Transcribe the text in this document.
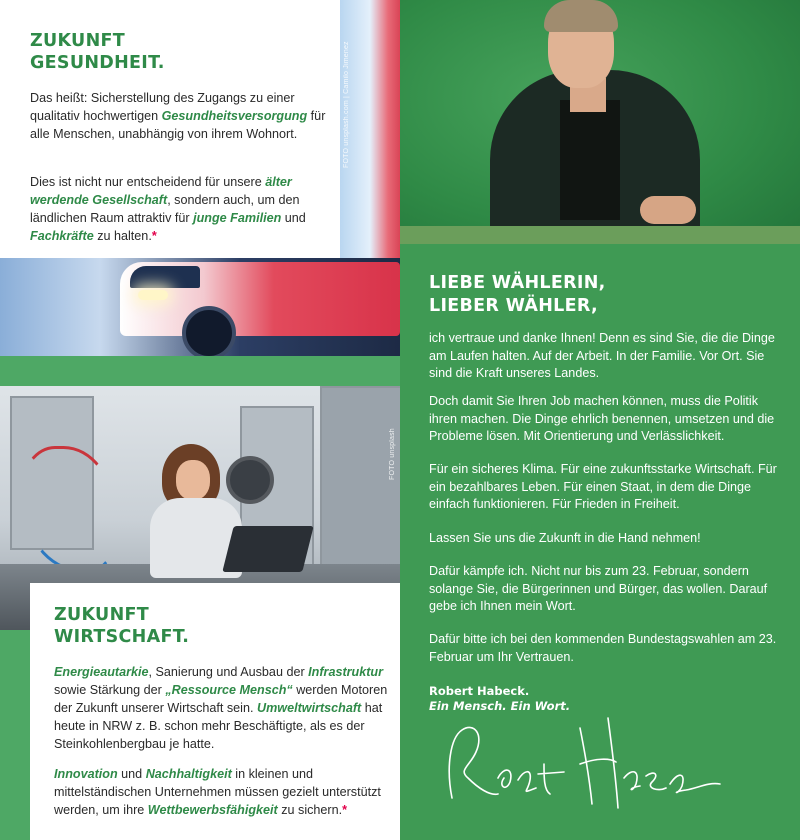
FOTO unsplash.com | Camilo Jimenez
ZUKUNFT
GESUNDHEIT.

Das heißt: Sicherstellung des Zugangs zu einer qualitativ hochwertigen Gesundheitsversorgung für alle Menschen, unabhängig von ihrem Wohnort.

Dies ist nicht nur entscheidend für unsere älter werdende Gesellschaft, sondern auch, um den ländlichen Raum attraktiv für junge Familien und Fachkräfte zu halten.*

FOTO unsplash
ZUKUNFT
WIRTSCHAFT.

Energieautarkie, Sanierung und Ausbau der Infrastruktur sowie Stärkung der „Ressource Mensch“ werden Motoren der Zukunft unserer Wirtschaft sein. Umweltwirtschaft hat heute in NRW z. B. schon mehr Beschäftigte, als es der Steinkohlenbergbau je hatte.

Innovation und Nachhaltigkeit in kleinen und mittelständischen Unternehmen müssen gezielt unterstützt werden, um ihre Wettbewerbsfähigkeit zu sichern.*

LIEBE WÄHLERIN,
LIEBER WÄHLER,

ich vertraue und danke Ihnen! Denn es sind Sie, die die Dinge am Laufen halten. Auf der Arbeit. In der Familie. Vor Ort. Sie sind die Kraft unseres Landes.

Doch damit Sie Ihren Job machen können, muss die Politik ihren machen. Die Dinge ehrlich benennen, umsetzen und die Probleme lösen. Mit Orientierung und Verlässlichkeit.

Für ein sicheres Klima. Für eine zukunftsstarke Wirtschaft. Für ein bezahlbares Leben. Für einen Staat, in dem die Dinge einfach funktionieren. Für Frieden in Freiheit.

Lassen Sie uns die Zukunft in die Hand nehmen!

Dafür kämpfe ich. Nicht nur bis zum 23. Februar, sondern solange Sie, die Bürgerinnen und Bürger, das wollen. Darauf gebe ich Ihnen mein Wort.

Dafür bitte ich bei den kommenden Bundestagswahlen am 23. Februar um Ihr Vertrauen.

Robert Habeck.

Ein Mensch. Ein Wort.
